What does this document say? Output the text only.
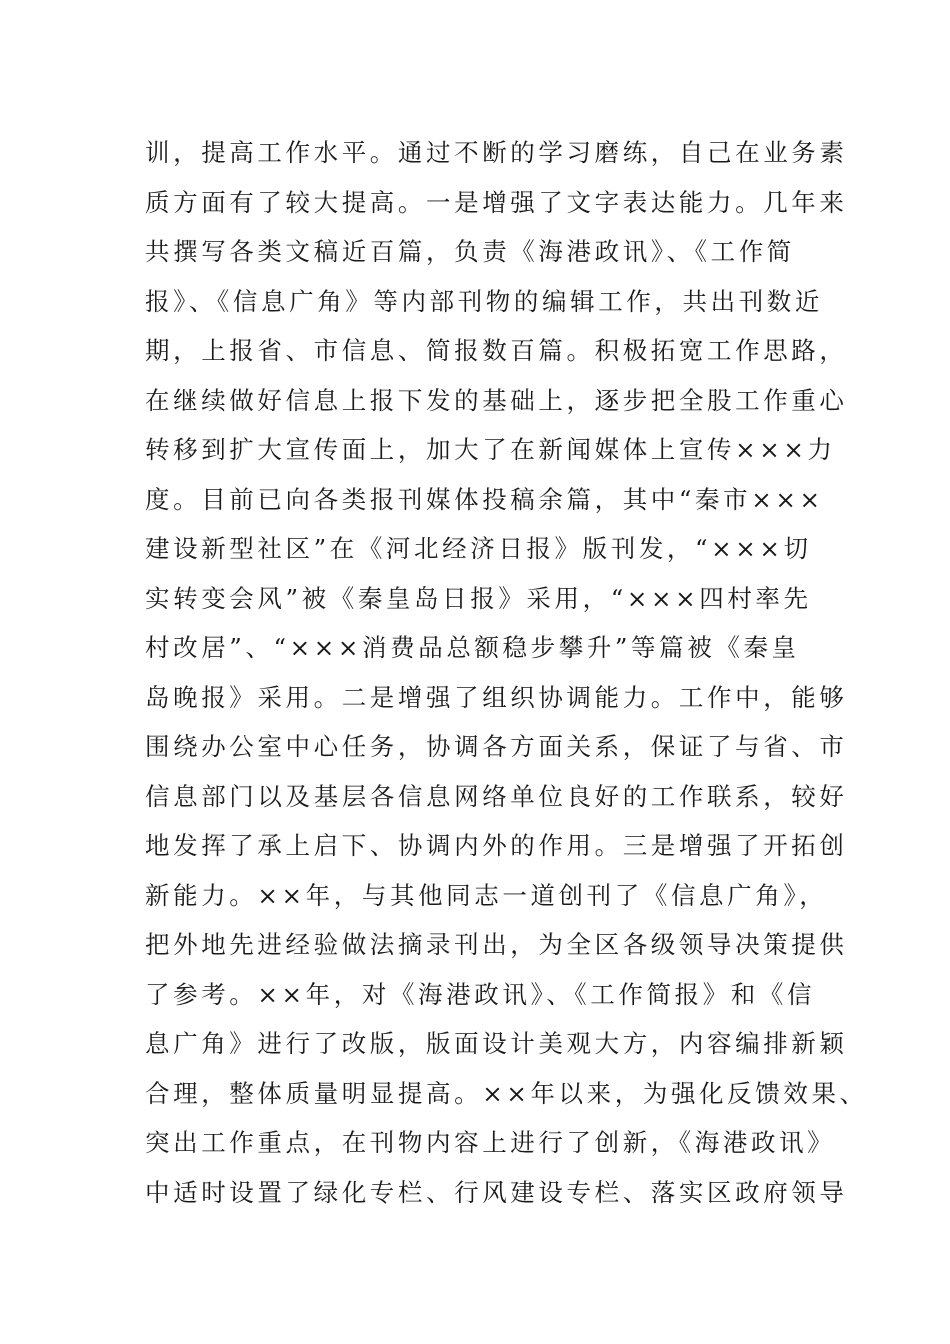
训，提高工作水平。通过不断的学习磨练，自己在业务素
质方面有了较大提高。一是增强了文字表达能力。几年来
共撰写各类文稿近百篇，负责《海港政讯》、《工作简
报》、《信息广角》等内部刊物的编辑工作，共出刊数近
期，上报省、市信息、简报数百篇。积极拓宽工作思路，
在继续做好信息上报下发的基础上，逐步把全股工作重心
转移到扩大宣传面上，加大了在新闻媒体上宣传×××力
度。目前已向各类报刊媒体投稿余篇，其中“秦市×××
建设新型社区”在《河北经济日报》版刊发，“×××切
实转变会风”被《秦皇岛日报》采用，“×××四村率先
村改居”、“×××消费品总额稳步攀升”等篇被《秦皇
岛晚报》采用。二是增强了组织协调能力。工作中，能够
围绕办公室中心任务，协调各方面关系，保证了与省、市
信息部门以及基层各信息网络单位良好的工作联系，较好
地发挥了承上启下、协调内外的作用。三是增强了开拓创
新能力。××年，与其他同志一道创刊了《信息广角》，
把外地先进经验做法摘录刊出，为全区各级领导决策提供
了参考。××年，对《海港政讯》、《工作简报》和《信
息广角》进行了改版，版面设计美观大方，内容编排新颖
合理，整体质量明显提高。××年以来，为强化反馈效果、
突出工作重点，在刊物内容上进行了创新，《海港政讯》
中适时设置了绿化专栏、行风建设专栏、落实区政府领导
